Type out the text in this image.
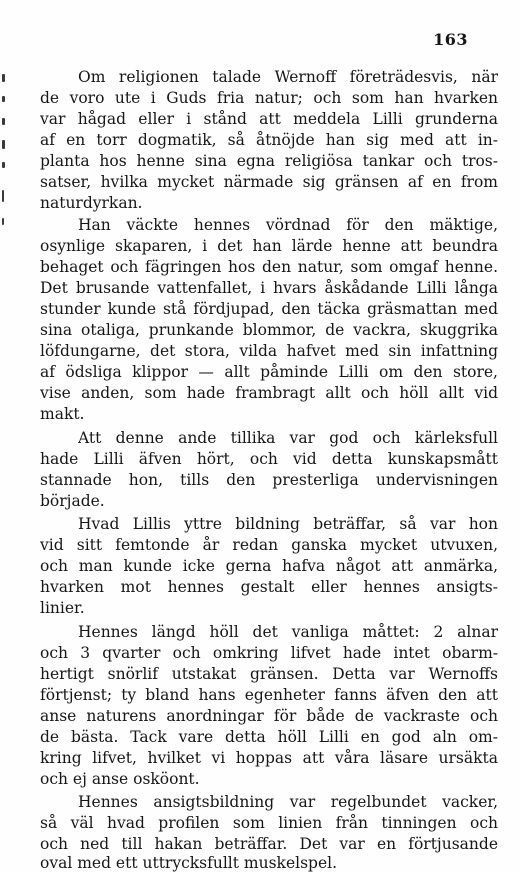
163
Om religionen talade Wernoff företrädesvis, när
de voro ute i Guds fria natur; och som han hvarken
var hågad eller i stånd att meddela Lilli grunderna
af en torr dogmatik, så åtnöjde han sig med att in-
planta hos henne sina egna religiösa tankar och tros-
satser, hvilka mycket närmade sig gränsen af en from
naturdyrkan.
Han väckte hennes vördnad för den mäktige,
osynlige skaparen, i det han lärde henne att beundra
behaget och fägringen hos den natur, som omgaf henne.
Det brusande vattenfallet, i hvars åskådande Lilli långa
stunder kunde stå fördjupad, den täcka gräsmattan med
sina otaliga, prunkande blommor, de vackra, skuggrika
löfdungarne, det stora, vilda hafvet med sin infattning
af ödsliga klippor — allt påminde Lilli om den store,
vise anden, som hade frambragt allt och höll allt vid
makt.
Att denne ande tillika var god och kärleksfull
hade Lilli äfven hört, och vid detta kunskapsmått
stannade hon, tills den presterliga undervisningen
började.
Hvad Lillis yttre bildning beträffar, så var hon
vid sitt femtonde år redan ganska mycket utvuxen,
och man kunde icke gerna hafva något att anmärka,
hvarken mot hennes gestalt eller hennes ansigts-
linier.
Hennes längd höll det vanliga måttet: 2 alnar
och 3 qvarter och omkring lifvet hade intet obarm-
hertigt snörlif utstakat gränsen. Detta var Wernoffs
förtjenst; ty bland hans egenheter fanns äfven den att
anse naturens anordningar för både de vackraste och
de bästa. Tack vare detta höll Lilli en god aln om-
kring lifvet, hvilket vi hoppas att våra läsare ursäkta
och ej anse osköont.
Hennes ansigtsbildning var regelbundet vacker,
så väl hvad profilen som linien från tinningen och
och ned till hakan beträffar. Det var en förtjusande
oval med ett uttrycksfullt muskelspel.
